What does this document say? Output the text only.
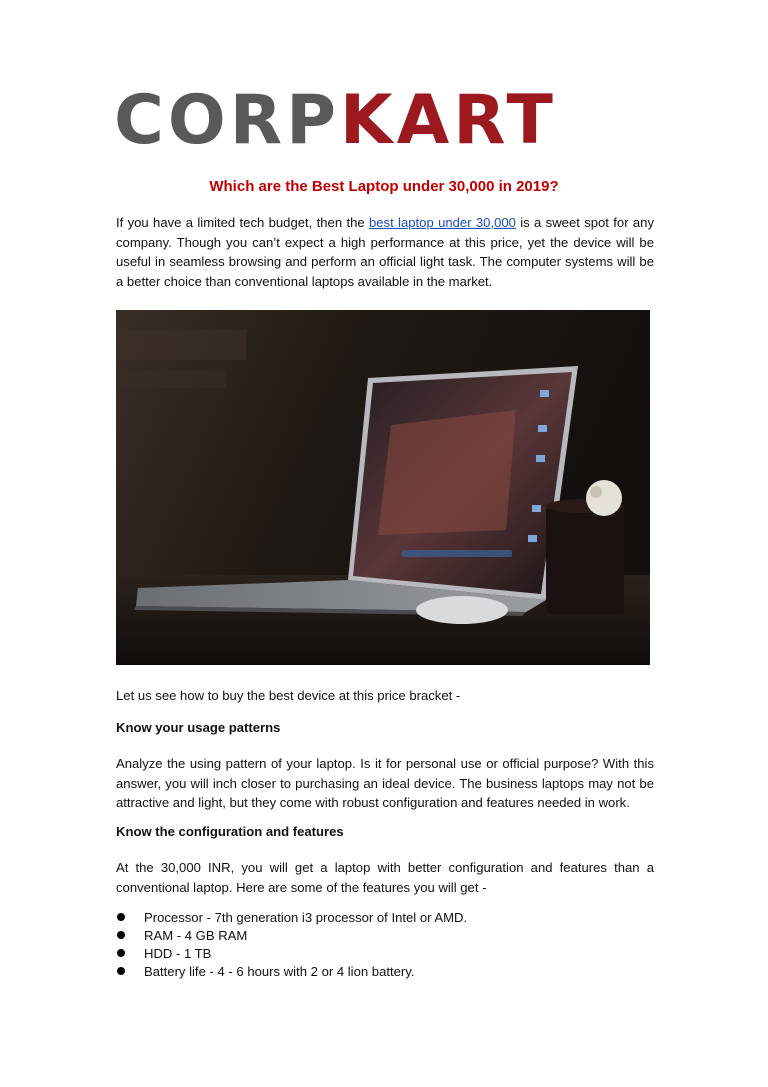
CORP KART
Which are the Best Laptop under 30,000 in 2019?

If you have a limited tech budget, then the best laptop under 30,000 is a sweet spot for any company. Though you can’t expect a high performance at this price, yet the device will be useful in seamless browsing and perform an official light task. The computer systems will be a better choice than conventional laptops available in the market.

Let us see how to buy the best device at this price bracket -

Know your usage patterns

Analyze the using pattern of your laptop. Is it for personal use or official purpose? With this answer, you will inch closer to purchasing an ideal device. The business laptops may not be attractive and light, but they come with robust configuration and features needed in work.

Know the configuration and features

At the 30,000 INR, you will get a laptop with better configuration and features than a conventional laptop. Here are some of the features you will get -

Processor - 7th generation i3 processor of Intel or AMD.
RAM - 4 GB RAM
HDD - 1 TB
Battery life - 4 - 6 hours with 2 or 4 lion battery.
